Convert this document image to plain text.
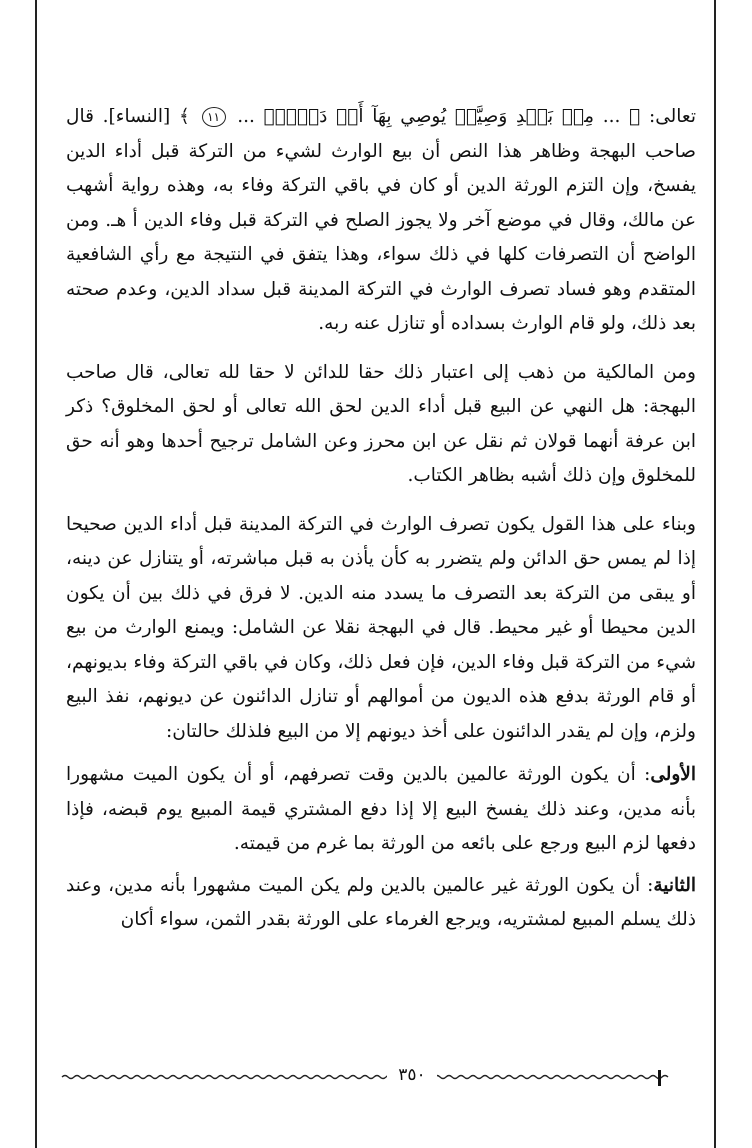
تعالى: ﴿ ... مِنۢ بَعۡدِ وَصِيَّةٖ يُوصِي بِهَآ أَوۡ دَيۡنٍۗ ... ١١ ﴾ [النساء]. قال صاحب البهجة وظاهر هذا النص أن بيع الوارث لشيء من التركة قبل أداء الدين يفسخ، وإن التزم الورثة الدين أو كان في باقي التركة وفاء به، وهذه رواية أشهب عن مالك، وقال في موضع آخر ولا يجوز الصلح في التركة قبل وفاء الدين أ هـ. ومن الواضح أن التصرفات كلها في ذلك سواء، وهذا يتفق في النتيجة مع رأي الشافعية المتقدم وهو فساد تصرف الوارث في التركة المدينة قبل سداد الدين، وعدم صحته بعد ذلك، ولو قام الوارث بسداده أو تنازل عنه ربه.

ومن المالكية من ذهب إلى اعتبار ذلك حقا للدائن لا حقا لله تعالى، قال صاحب البهجة: هل النهي عن البيع قبل أداء الدين لحق الله تعالى أو لحق المخلوق؟ ذكر ابن عرفة أنهما قولان ثم نقل عن ابن محرز وعن الشامل ترجيح أحدها وهو أنه حق للمخلوق وإن ذلك أشبه بظاهر الكتاب.

وبناء على هذا القول يكون تصرف الوارث في التركة المدينة قبل أداء الدين صحيحا إذا لم يمس حق الدائن ولم يتضرر به كأن يأذن به قبل مباشرته، أو يتنازل عن دينه، أو يبقى من التركة بعد التصرف ما يسدد منه الدين. لا فرق في ذلك بين أن يكون الدين محيطا أو غير محيط. قال في البهجة نقلا عن الشامل: ويمنع الوارث من بيع شيء من التركة قبل وفاء الدين، فإن فعل ذلك، وكان في باقي التركة وفاء بديونهم، أو قام الورثة بدفع هذه الديون من أموالهم أو تنازل الدائنون عن ديونهم، نفذ البيع ولزم، وإن لم يقدر الدائنون على أخذ ديونهم إلا من البيع فلذلك حالتان:

الأولى: أن يكون الورثة عالمين بالدين وقت تصرفهم، أو أن يكون الميت مشهورا بأنه مدين، وعند ذلك يفسخ البيع إلا إذا دفع المشتري قيمة المبيع يوم قبضه، فإذا دفعها لزم البيع ورجع على بائعه من الورثة بما غرم من قيمته.

الثانية: أن يكون الورثة غير عالمين بالدين ولم يكن الميت مشهورا بأنه مدين، وعند ذلك يسلم المبيع لمشتريه، ويرجع الغرماء على الورثة بقدر الثمن، سواء أكان

٣٥٠
